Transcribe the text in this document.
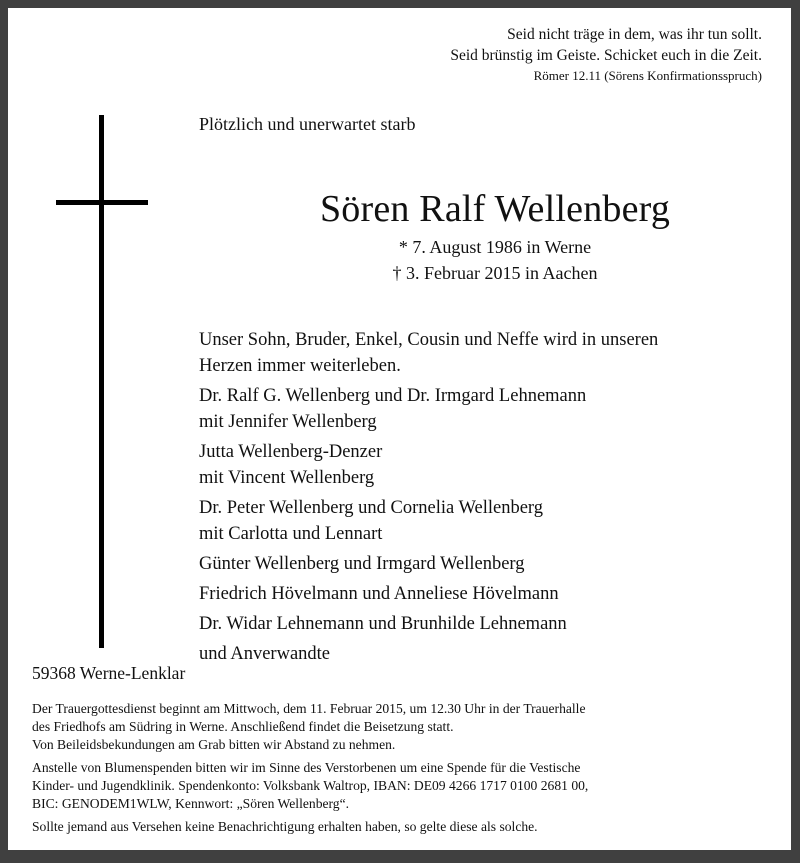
Seid nicht träge in dem, was ihr tun sollt.
Seid brünstig im Geiste. Schicket euch in die Zeit.
Römer 12.11 (Sörens Konfirmationsspruch)
Plötzlich und unerwartet starb
Sören Ralf Wellenberg
* 7. August 1986 in Werne
† 3. Februar 2015 in Aachen
Unser Sohn, Bruder, Enkel, Cousin und Neffe wird in unseren
Herzen immer weiterleben.
Dr. Ralf G. Wellenberg und Dr. Irmgard Lehnemann
mit Jennifer Wellenberg
Jutta Wellenberg-Denzer
mit Vincent Wellenberg
Dr. Peter Wellenberg und Cornelia Wellenberg
mit Carlotta und Lennart
Günter Wellenberg und Irmgard Wellenberg
Friedrich Hövelmann und Anneliese Hövelmann
Dr. Widar Lehnemann und Brunhilde Lehnemann
und Anverwandte
59368 Werne-Lenklar
Der Trauergottesdienst beginnt am Mittwoch, dem 11. Februar 2015, um 12.30 Uhr in der Trauerhalle
des Friedhofs am Südring in Werne. Anschließend findet die Beisetzung statt.
Von Beileidsbekundungen am Grab bitten wir Abstand zu nehmen.
Anstelle von Blumenspenden bitten wir im Sinne des Verstorbenen um eine Spende für die Vestische
Kinder- und Jugendklinik. Spendenkonto: Volksbank Waltrop, IBAN: DE09 4266 1717 0100 2681 00,
BIC: GENODEM1WLW, Kennwort: „Sören Wellenberg“.
Sollte jemand aus Versehen keine Benachrichtigung erhalten haben, so gelte diese als solche.
